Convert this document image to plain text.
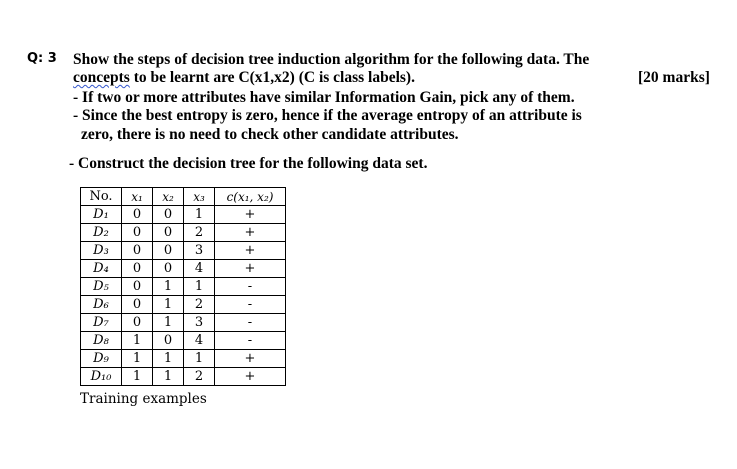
Q: 3 Show the steps of decision tree induction algorithm for the following data. The
concepts to be learnt are C(x1,x2) (C is class labels).
- If two or more attributes have similar Information Gain, pick any of them.
- Since the best entropy is zero, hence if the average entropy of an attribute is
zero, there is no need to check other candidate attributes.
[20 marks]
- Construct the decision tree for the following data set.
No.	x₁	x₂	x₃	c(x₁, x₂)
D₁	0	0	1	+
D₂	0	0	2	+
D₃	0	0	3	+
D₄	0	0	4	+
D₅	0	1	1	-
D₆	0	1	2	-
D₇	0	1	3	-
D₈	1	0	4	-
D₉	1	1	1	+
D₁₀	1	1	2	+
Training examples
